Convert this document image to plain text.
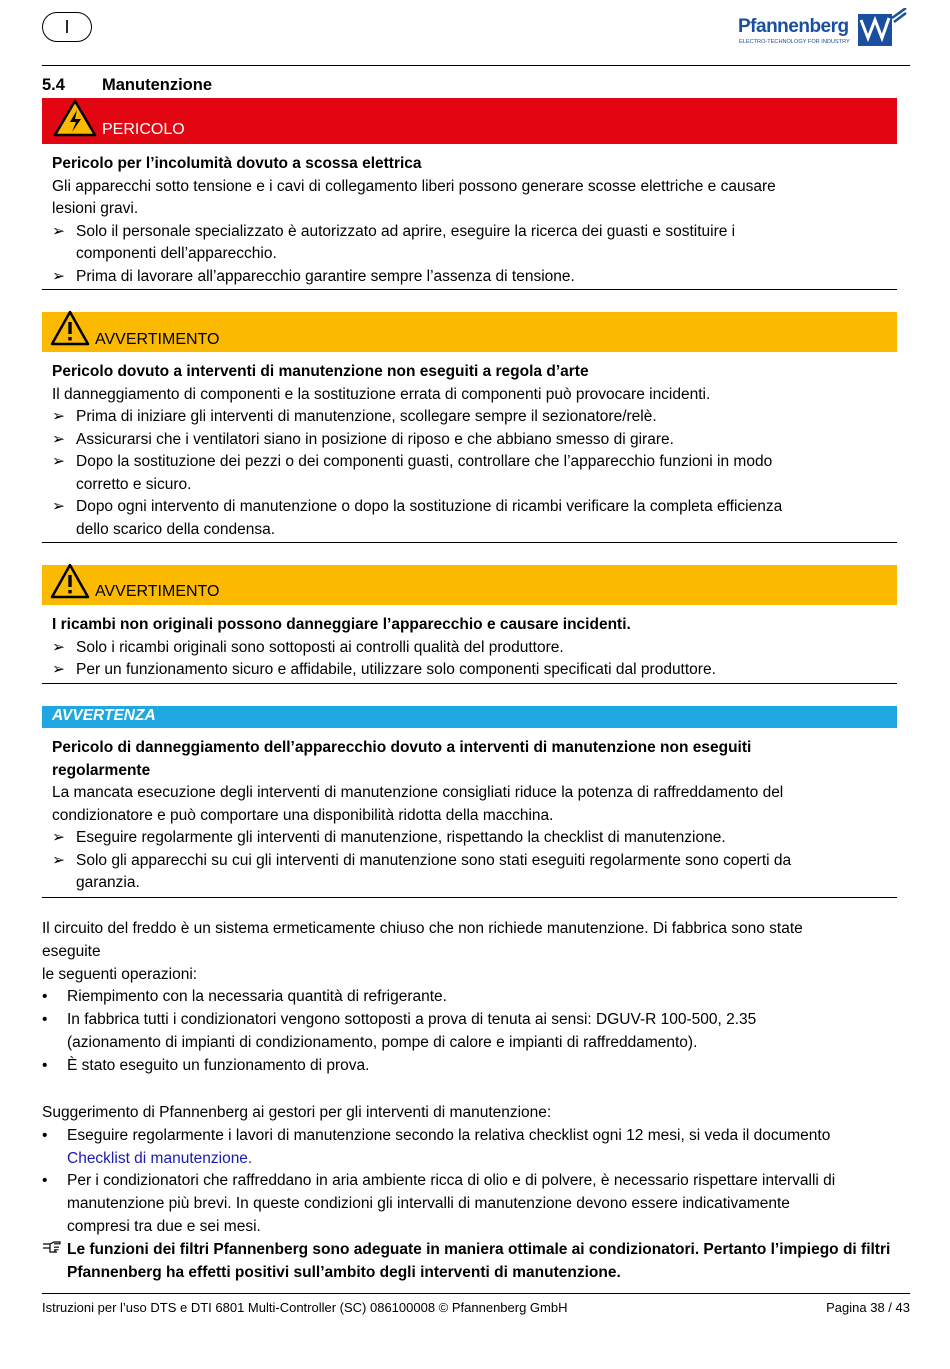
I	Pfannenberg
ELECTRO-TECHNOLOGY FOR INDUSTRY
5.4 Manutenzione
PERICOLO

Pericolo per l’incolumità dovuto a scossa elettrica

Gli apparecchi sotto tensione e i cavi di collegamento liberi possono generare scosse elettriche e causare

lesioni gravi.

➢ Solo il personale specializzato è autorizzato ad aprire, eseguire la ricerca dei guasti e sostituire i

componenti dell’apparecchio.

➢ Prima di lavorare all’apparecchio garantire sempre l’assenza di tensione.

AVVERTIMENTO

Pericolo dovuto a interventi di manutenzione non eseguiti a regola d’arte

Il danneggiamento di componenti e la sostituzione errata di componenti può provocare incidenti.

➢ Prima di iniziare gli interventi di manutenzione, scollegare sempre il sezionatore/relè.

➢ Assicurarsi che i ventilatori siano in posizione di riposo e che abbiano smesso di girare.

➢ Dopo la sostituzione dei pezzi o dei componenti guasti, controllare che l’apparecchio funzioni in modo

corretto e sicuro.

➢ Dopo ogni intervento di manutenzione o dopo la sostituzione di ricambi verificare la completa efficienza

dello scarico della condensa.

AVVERTIMENTO

I ricambi non originali possono danneggiare l’apparecchio e causare incidenti.

➢ Solo i ricambi originali sono sottoposti ai controlli qualità del produttore.

➢ Per un funzionamento sicuro e affidabile, utilizzare solo componenti specificati dal produttore.

AVVERTENZA

Pericolo di danneggiamento dell’apparecchio dovuto a interventi di manutenzione non eseguiti

regolarmente

La mancata esecuzione degli interventi di manutenzione consigliati riduce la potenza di raffreddamento del

condizionatore e può comportare una disponibilità ridotta della macchina.

➢ Eseguire regolarmente gli interventi di manutenzione, rispettando la checklist di manutenzione.

➢ Solo gli apparecchi su cui gli interventi di manutenzione sono stati eseguiti regolarmente sono coperti da

garanzia.

Il circuito del freddo è un sistema ermeticamente chiuso che non richiede manutenzione. Di fabbrica sono state

eseguite

le seguenti operazioni:

• Riempimento con la necessaria quantità di refrigerante.

• In fabbrica tutti i condizionatori vengono sottoposti a prova di tenuta ai sensi: DGUV-R 100-500, 2.35

(azionamento di impianti di condizionamento, pompe di calore e impianti di raffreddamento).

• È stato eseguito un funzionamento di prova.

Suggerimento di Pfannenberg ai gestori per gli interventi di manutenzione:

• Eseguire regolarmente i lavori di manutenzione secondo la relativa checklist ogni 12 mesi, si veda il documento

Checklist di manutenzione.

• Per i condizionatori che raffreddano in aria ambiente ricca di olio e di polvere, è necessario rispettare intervalli di

manutenzione più brevi. In queste condizioni gli intervalli di manutenzione devono essere indicativamente

compresi tra due e sei mesi.

Le funzioni dei filtri Pfannenberg sono adeguate in maniera ottimale ai condizionatori. Pertanto l’impiego di filtri

Pfannenberg ha effetti positivi sull’ambito degli interventi di manutenzione.

Istruzioni per l’uso DTS e DTI 6801 Multi-Controller (SC) 086100008 © Pfannenberg GmbH	Pagina 38 / 43
